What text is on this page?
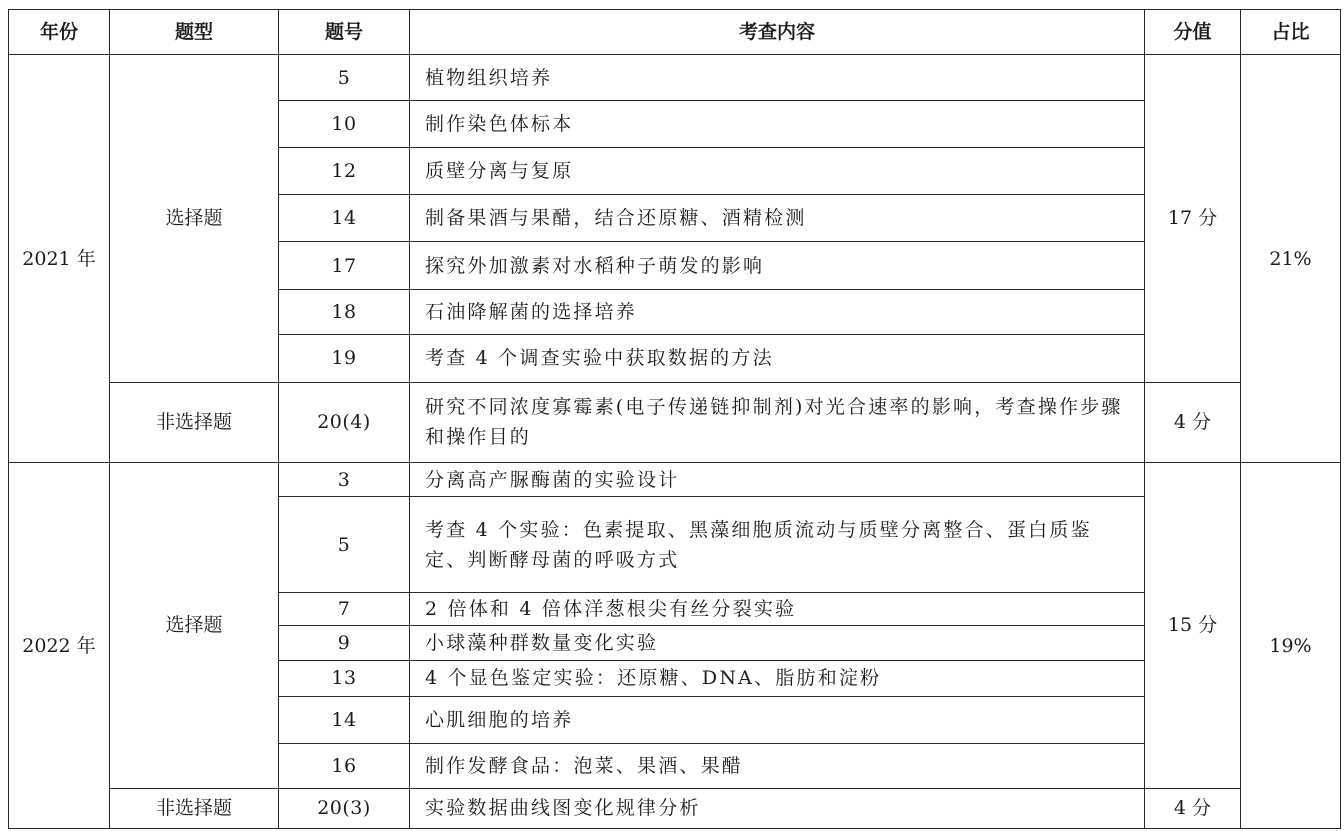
年份	题型	题号	考查内容	分值	占比
2021 年	选择题	5	植物组织培养	17 分	21%
		10	制作染色体标本		
		12	质壁分离与复原		
		14	制备果酒与果醋，结合还原糖、酒精检测		
		17	探究外加激素对水稻种子萌发的影响		
		18	石油降解菌的选择培养		
		19	考查 4 个调查实验中获取数据的方法		
	非选择题	20(4)	研究不同浓度寡霉素(电子传递链抑制剂)对光合速率的影响，考查操作步骤和操作目的	4 分	
2022 年	选择题	3	分离高产脲酶菌的实验设计	15 分	19%
		5	考查 4 个实验：色素提取、黑藻细胞质流动与质壁分离整合、蛋白质鉴定、判断酵母菌的呼吸方式		
		7	2 倍体和 4 倍体洋葱根尖有丝分裂实验		
		9	小球藻种群数量变化实验		
		13	4 个显色鉴定实验：还原糖、DNA、脂肪和淀粉		
		14	心肌细胞的培养		
		16	制作发酵食品：泡菜、果酒、果醋		
	非选择题	20(3)	实验数据曲线图变化规律分析	4 分	
